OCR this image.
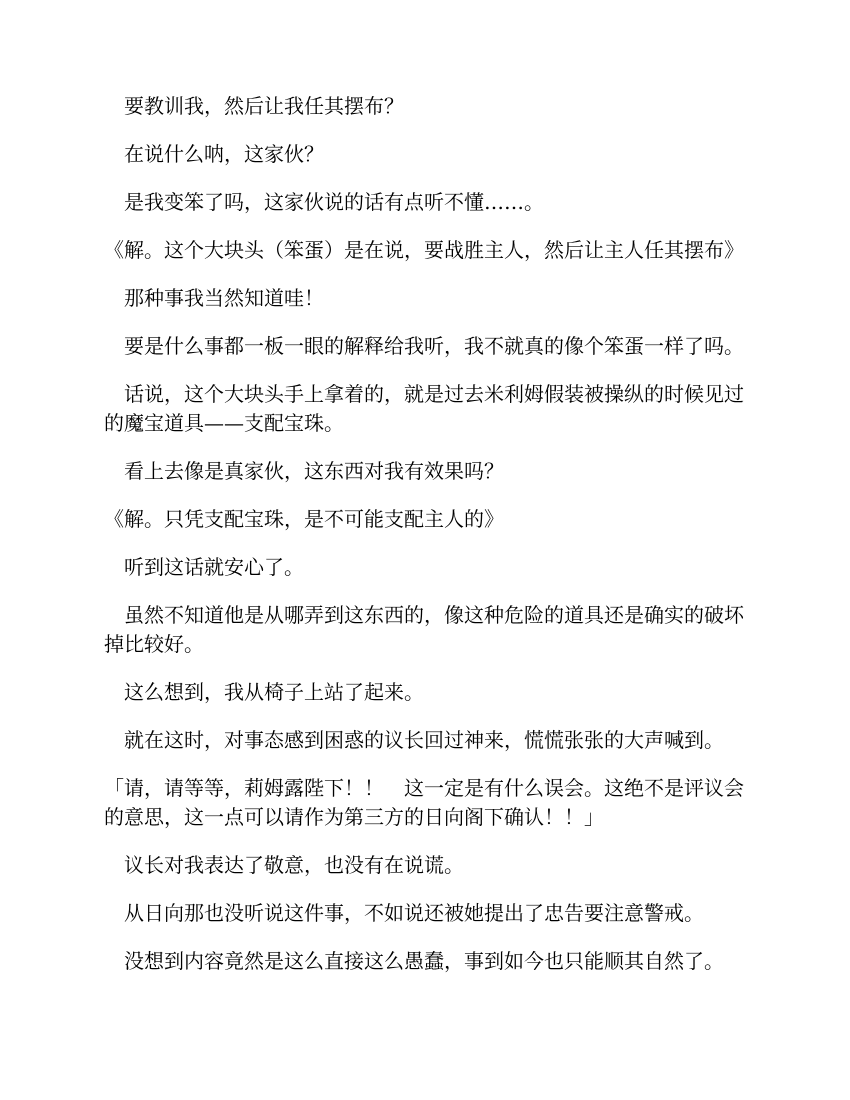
要教训我，然后让我任其摆布？

在说什么呐，这家伙？

是我变笨了吗，这家伙说的话有点听不懂……。

《解。这个大块头（笨蛋）是在说，要战胜主人，然后让主人任其摆布》

那种事我当然知道哇！

要是什么事都一板一眼的解释给我听，我不就真的像个笨蛋一样了吗。

话说，这个大块头手上拿着的，就是过去米利姆假装被操纵的时候见过的魔宝道具——支配宝珠。

看上去像是真家伙，这东西对我有效果吗？

《解。只凭支配宝珠，是不可能支配主人的》

听到这话就安心了。

虽然不知道他是从哪弄到这东西的，像这种危险的道具还是确实的破坏掉比较好。

这么想到，我从椅子上站了起来。

就在这时，对事态感到困惑的议长回过神来，慌慌张张的大声喊到。

「请，请等等，莉姆露陛下！！　这一定是有什么误会。这绝不是评议会的意思，这一点可以请作为第三方的日向阁下确认！！」

议长对我表达了敬意，也没有在说谎。

从日向那也没听说这件事，不如说还被她提出了忠告要注意警戒。

没想到内容竟然是这么直接这么愚蠢，事到如今也只能顺其自然了。
